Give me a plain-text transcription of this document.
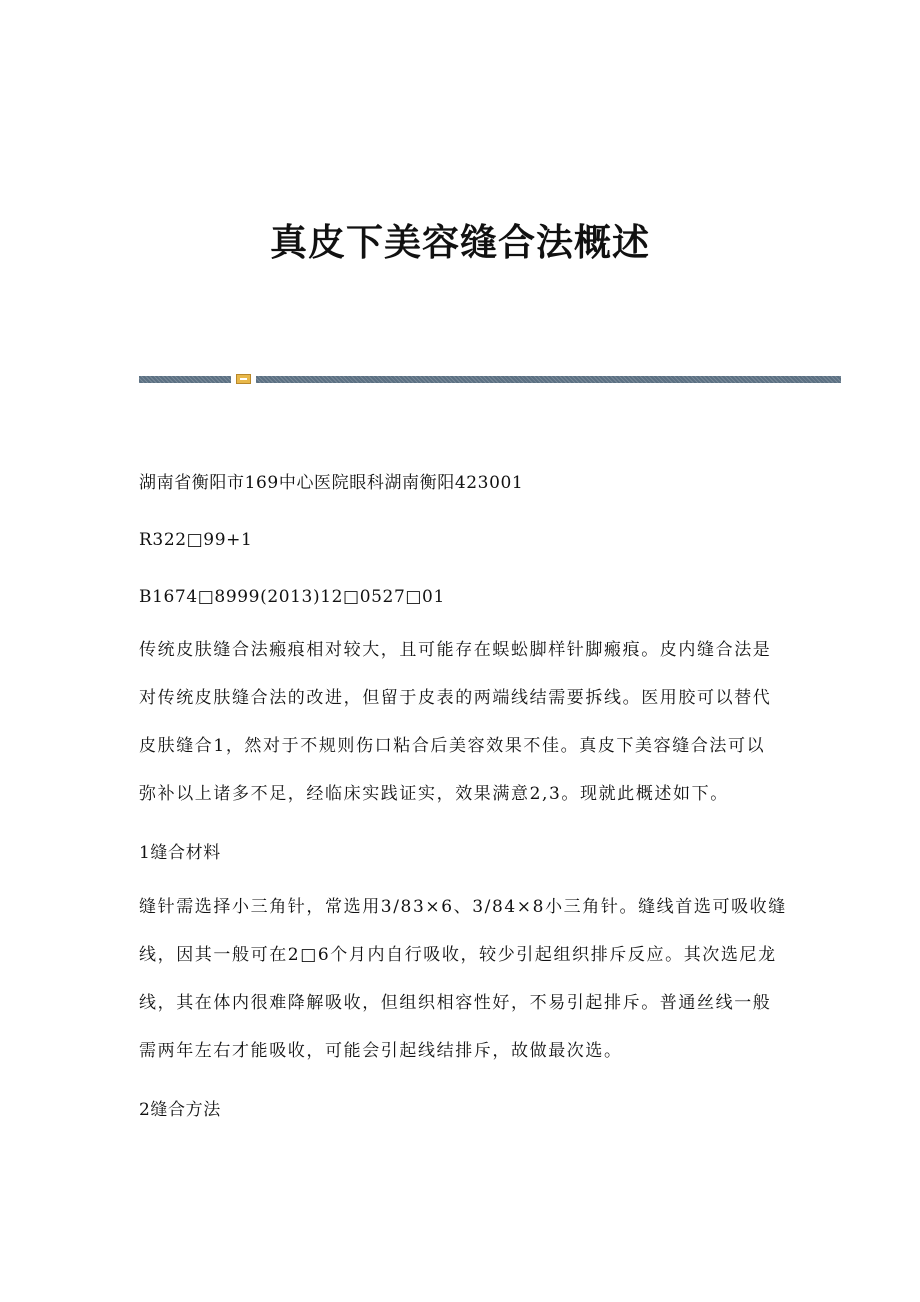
真皮下美容缝合法概述

湖南省衡阳市169中心医院眼科湖南衡阳423001

R322□99+1

B1674□8999(2013)12□0527□01

传统皮肤缝合法瘢痕相对较大，且可能存在蜈蚣脚样针脚瘢痕。皮内缝合法是
对传统皮肤缝合法的改进，但留于皮表的两端线结需要拆线。医用胶可以替代
皮肤缝合1，然对于不规则伤口粘合后美容效果不佳。真皮下美容缝合法可以
弥补以上诸多不足，经临床实践证实，效果满意2,3。现就此概述如下。

1缝合材料

缝针需选择小三角针，常选用3/83×6、3/84×8小三角针。缝线首选可吸收缝
线，因其一般可在2□6个月内自行吸收，较少引起组织排斥反应。其次选尼龙
线，其在体内很难降解吸收，但组织相容性好，不易引起排斥。普通丝线一般
需两年左右才能吸收，可能会引起线结排斥，故做最次选。

2缝合方法
